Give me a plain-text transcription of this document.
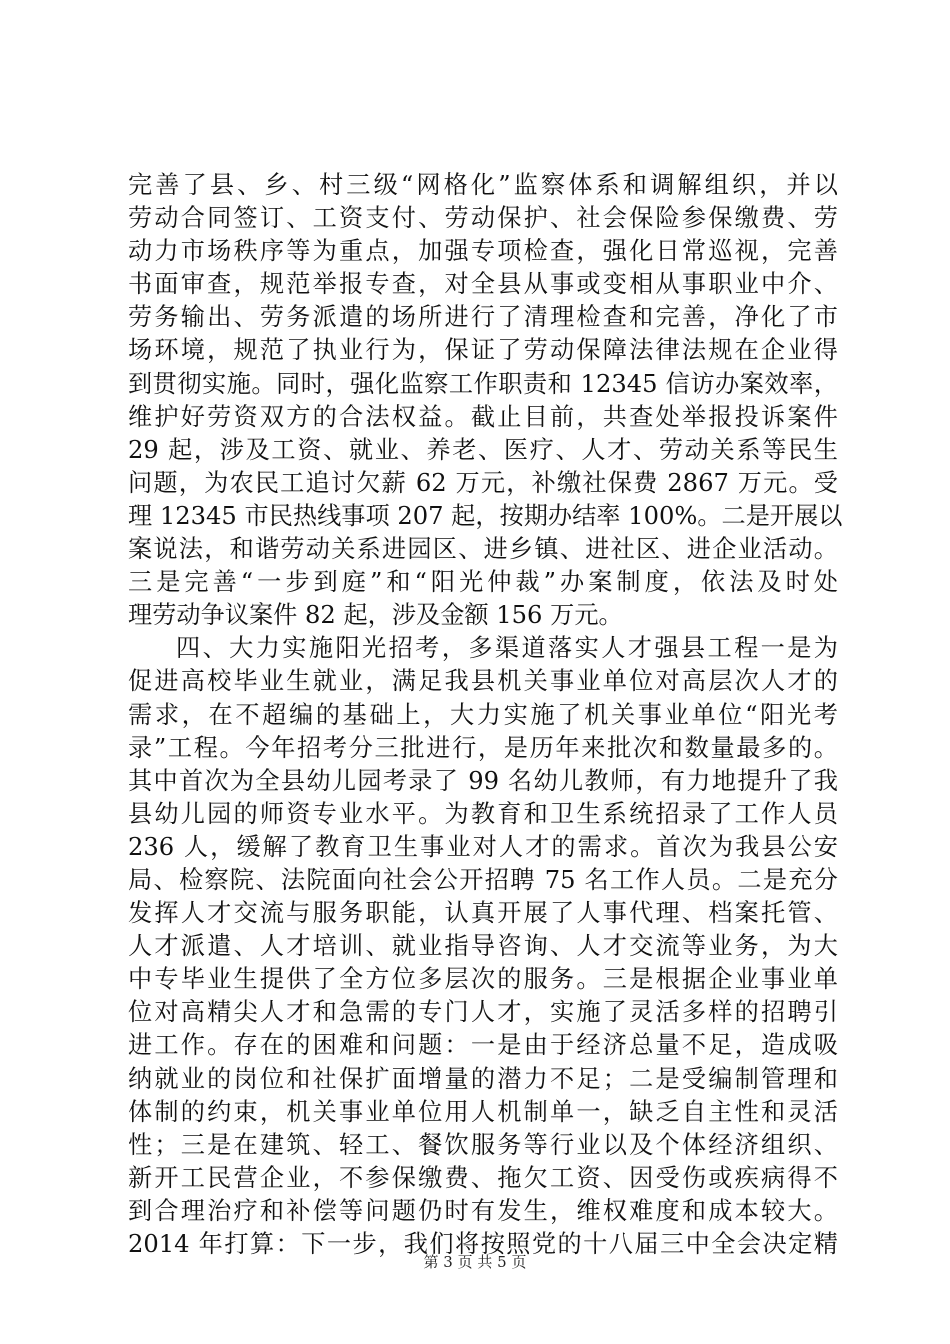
完善了县、乡、村三级“网格化”监察体系和调解组织，并以
劳动合同签订、工资支付、劳动保护、社会保险参保缴费、劳
动力市场秩序等为重点，加强专项检查，强化日常巡视，完善
书面审查，规范举报专查，对全县从事或变相从事职业中介、
劳务输出、劳务派遣的场所进行了清理检查和完善，净化了市
场环境，规范了执业行为，保证了劳动保障法律法规在企业得
到贯彻实施。同时，强化监察工作职责和 12345 信访办案效率，
维护好劳资双方的合法权益。截止目前，共查处举报投诉案件
29 起，涉及工资、就业、养老、医疗、人才、劳动关系等民生
问题，为农民工追讨欠薪 62 万元，补缴社保费 2867 万元。受
理 12345 市民热线事项 207 起，按期办结率 100%。二是开展以
案说法，和谐劳动关系进园区、进乡镇、进社区、进企业活动。
三是完善“一步到庭”和“阳光仲裁”办案制度，依法及时处
理劳动争议案件 82 起，涉及金额 156 万元。
四、大力实施阳光招考，多渠道落实人才强县工程一是为
促进高校毕业生就业，满足我县机关事业单位对高层次人才的
需求，在不超编的基础上，大力实施了机关事业单位“阳光考
录”工程。今年招考分三批进行，是历年来批次和数量最多的。
其中首次为全县幼儿园考录了 99 名幼儿教师，有力地提升了我
县幼儿园的师资专业水平。为教育和卫生系统招录了工作人员
236 人，缓解了教育卫生事业对人才的需求。首次为我县公安
局、检察院、法院面向社会公开招聘 75 名工作人员。二是充分
发挥人才交流与服务职能，认真开展了人事代理、档案托管、
人才派遣、人才培训、就业指导咨询、人才交流等业务，为大
中专毕业生提供了全方位多层次的服务。三是根据企业事业单
位对高精尖人才和急需的专门人才，实施了灵活多样的招聘引
进工作。存在的困难和问题：一是由于经济总量不足，造成吸
纳就业的岗位和社保扩面增量的潜力不足；二是受编制管理和
体制的约束，机关事业单位用人机制单一，缺乏自主性和灵活
性；三是在建筑、轻工、餐饮服务等行业以及个体经济组织、
新开工民营企业，不参保缴费、拖欠工资、因受伤或疾病得不
到合理治疗和补偿等问题仍时有发生，维权难度和成本较大。
2014 年打算：下一步，我们将按照党的十八届三中全会决定精
第 3 页 共 5 页
